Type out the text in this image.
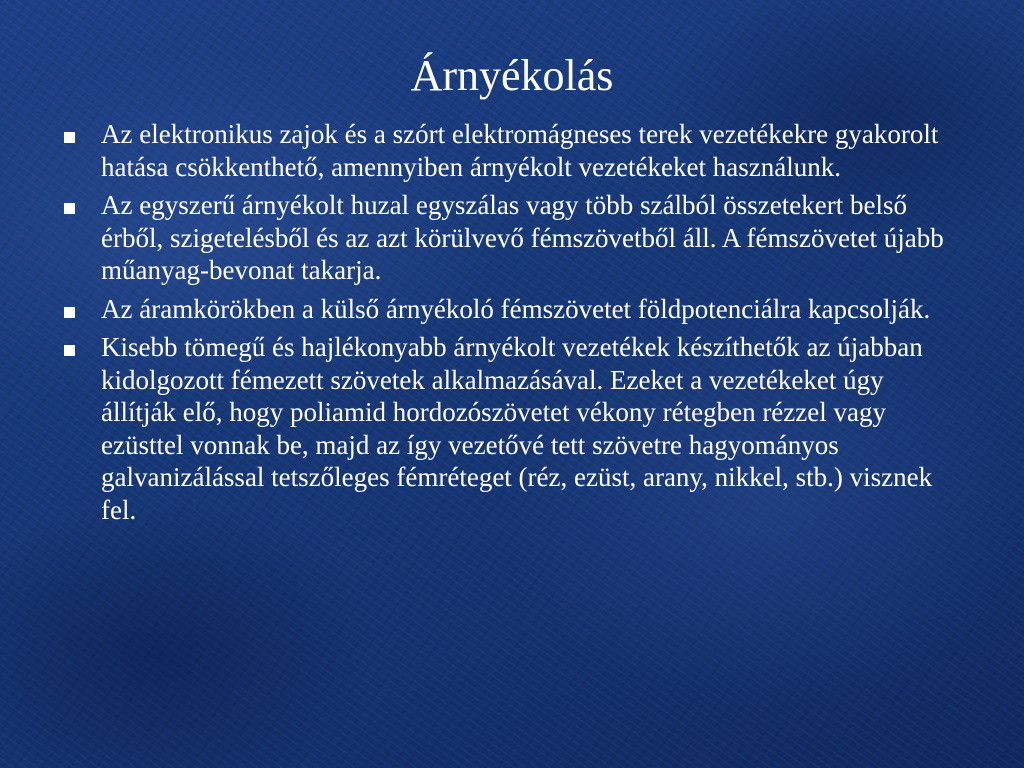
Árnyékolás
Az elektronikus zajok és a szórt elektromágneses terek vezetékekre gyakorolt hatása csökkenthető, amennyiben árnyékolt vezetékeket használunk.
Az egyszerű árnyékolt huzal egyszálas vagy több szálból összetekert belső érből, szigetelésből és az azt körülvevő fémszövetből áll. A fémszövetet újabb műanyag-bevonat takarja.
Az áramkörökben a külső árnyékoló fémszövetet földpotenciálra kapcsolják.
Kisebb tömegű és hajlékonyabb árnyékolt vezetékek készíthetők az újabban kidolgozott fémezett szövetek alkalmazásával. Ezeket a vezetékeket úgy állítják elő, hogy poliamid hordozószövetet vékony rétegben rézzel vagy ezüsttel vonnak be, majd az így vezetővé tett szövetre hagyományos galvanizálással tetszőleges fémréteget (réz, ezüst, arany, nikkel, stb.) visznek fel.
